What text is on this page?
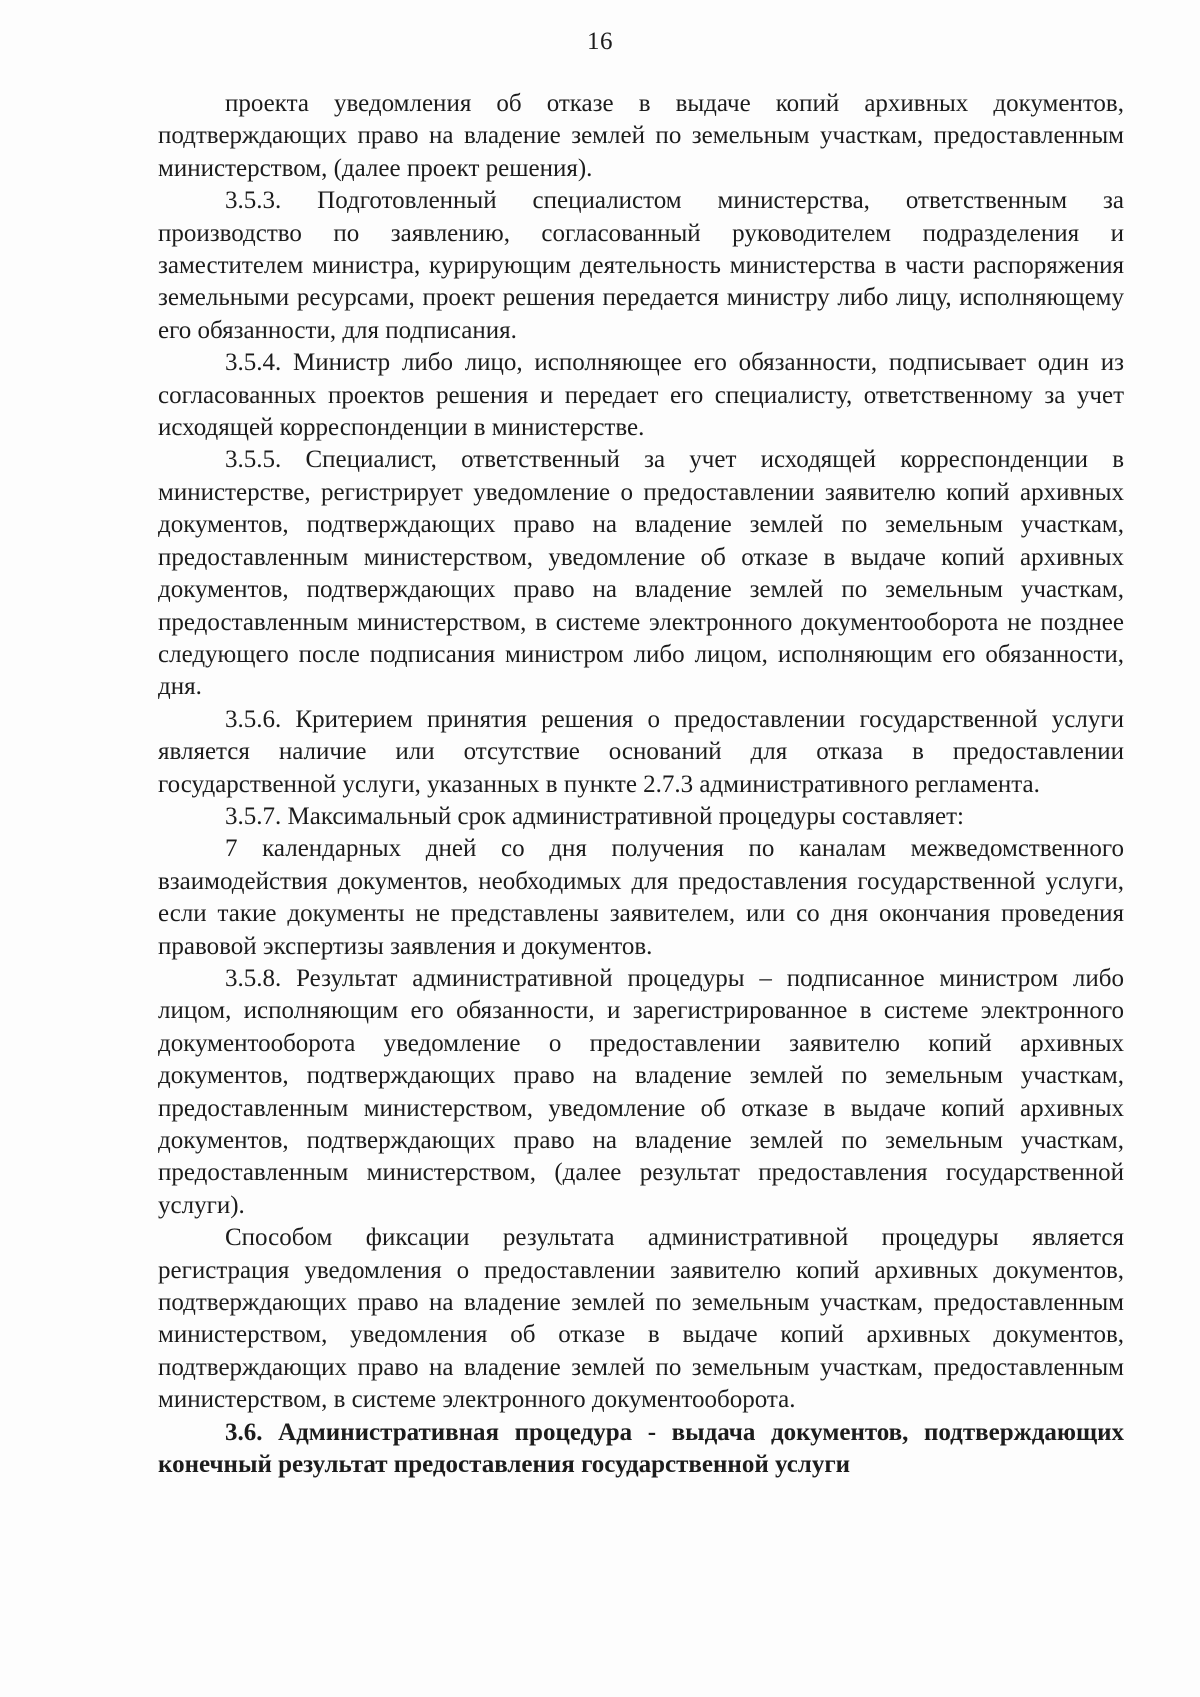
16

проекта уведомления об отказе в выдаче копий архивных документов, подтверждающих право на владение землей по земельным участкам, предоставленным министерством, (далее проект решения).

3.5.3. Подготовленный специалистом министерства, ответственным за производство по заявлению, согласованный руководителем подразделения и заместителем министра, курирующим деятельность министерства в части распоряжения земельными ресурсами, проект решения передается министру либо лицу, исполняющему его обязанности, для подписания.

3.5.4. Министр либо лицо, исполняющее его обязанности, подписывает один из согласованных проектов решения и передает его специалисту, ответственному за учет исходящей корреспонденции в министерстве.

3.5.5. Специалист, ответственный за учет исходящей корреспонденции в министерстве, регистрирует уведомление о предоставлении заявителю копий архивных документов, подтверждающих право на владение землей по земельным участкам, предоставленным министерством, уведомление об отказе в выдаче копий архивных документов, подтверждающих право на владение землей по земельным участкам, предоставленным министерством, в системе электронного документооборота не позднее следующего после подписания министром либо лицом, исполняющим его обязанности, дня.

3.5.6. Критерием принятия решения о предоставлении государственной услуги является наличие или отсутствие оснований для отказа в предоставлении государственной услуги, указанных в пункте 2.7.3 административного регламента.

3.5.7. Максимальный срок административной процедуры составляет:

7 календарных дней со дня получения по каналам межведомственного взаимодействия документов, необходимых для предоставления государственной услуги, если такие документы не представлены заявителем, или со дня окончания проведения правовой экспертизы заявления и документов.

3.5.8. Результат административной процедуры – подписанное министром либо лицом, исполняющим его обязанности, и зарегистрированное в системе электронного документооборота уведомление о предоставлении заявителю копий архивных документов, подтверждающих право на владение землей по земельным участкам, предоставленным министерством, уведомление об отказе в выдаче копий архивных документов, подтверждающих право на владение землей по земельным участкам, предоставленным министерством, (далее результат предоставления государственной услуги).

Способом фиксации результата административной процедуры является регистрация уведомления о предоставлении заявителю копий архивных документов, подтверждающих право на владение землей по земельным участкам, предоставленным министерством, уведомления об отказе в выдаче копий архивных документов, подтверждающих право на владение землей по земельным участкам, предоставленным министерством, в системе электронного документооборота.

3.6. Административная процедура - выдача документов, подтверждающих конечный результат предоставления государственной услуги
